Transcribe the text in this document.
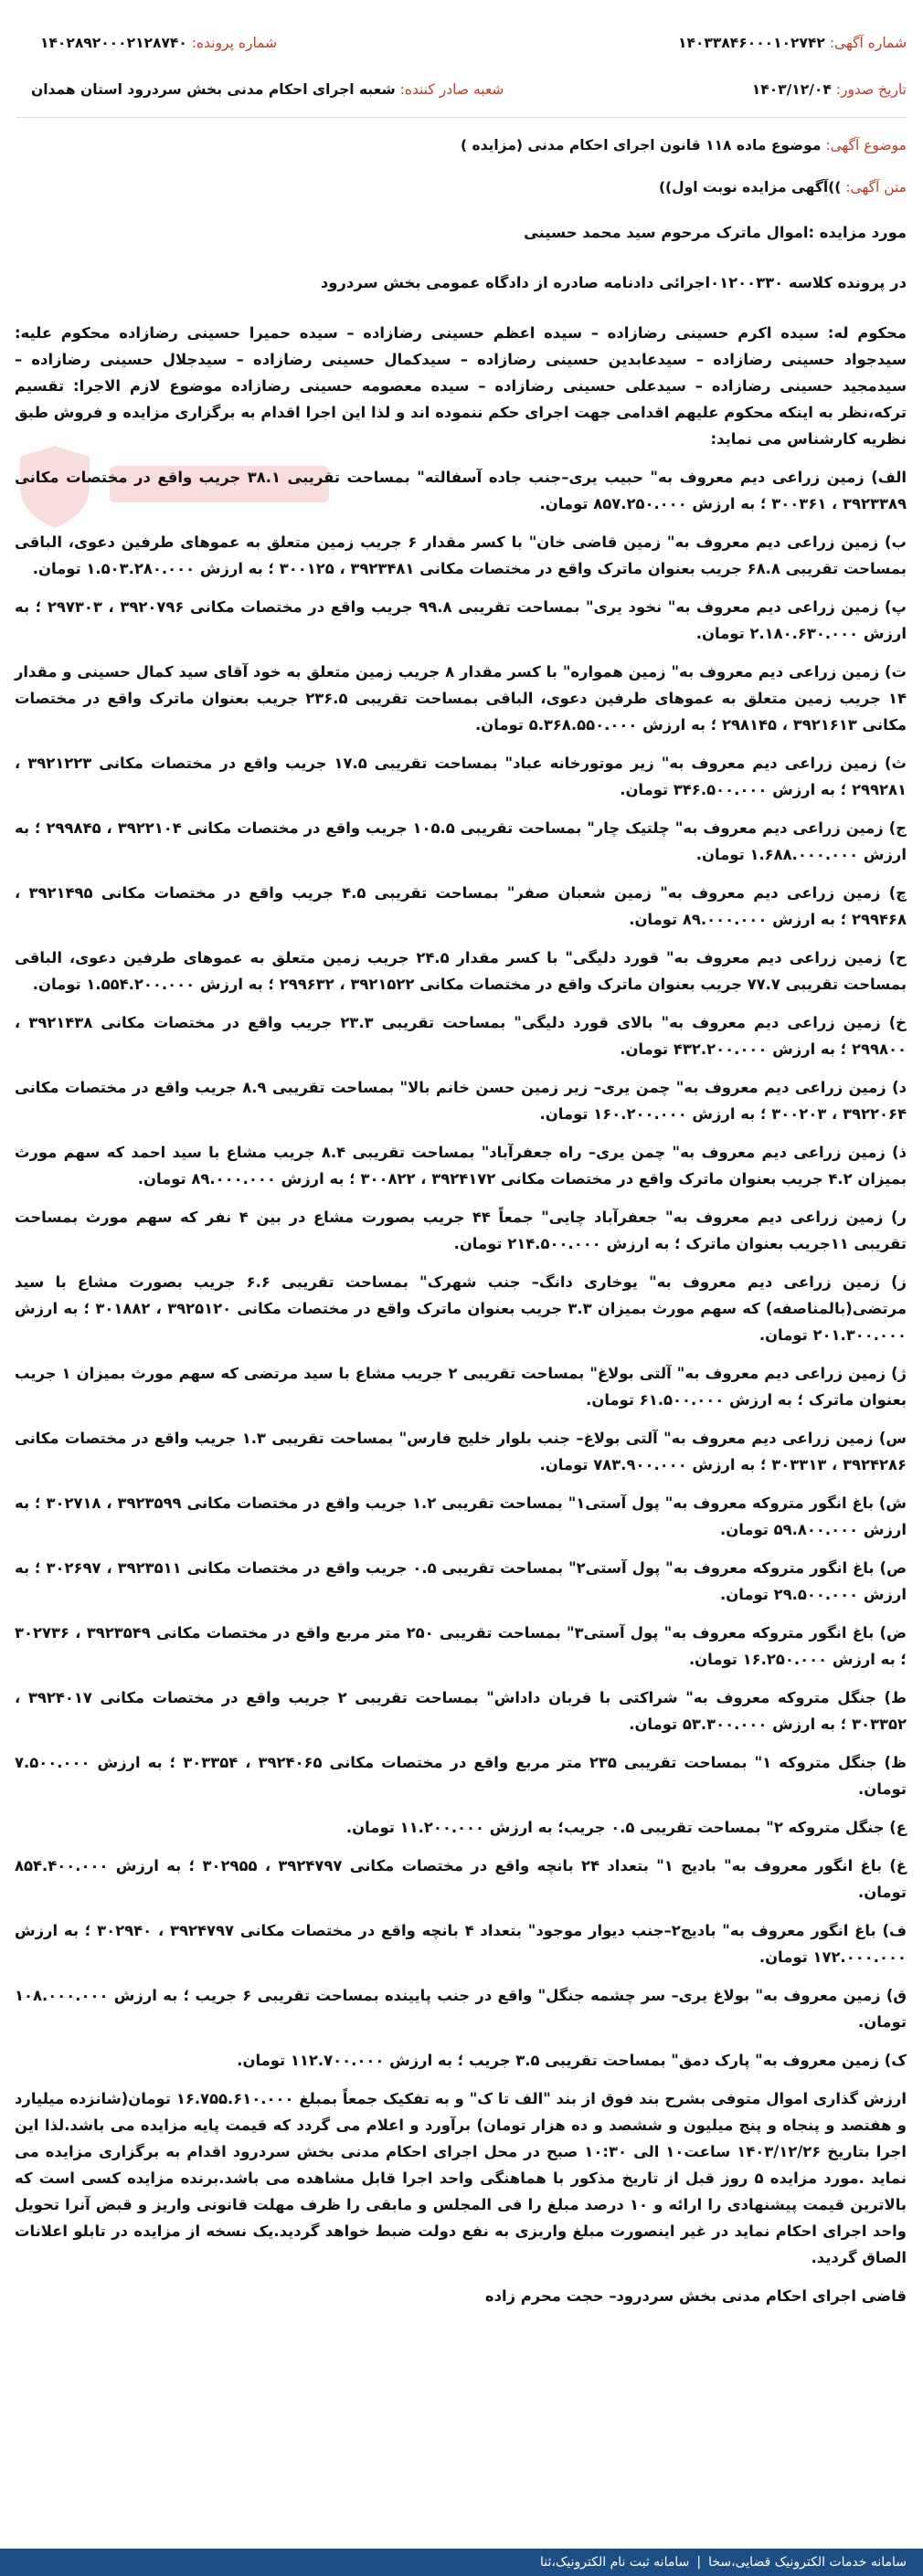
شماره آگهی: ۱۴۰۳۳۸۴۶۰۰۰۱۰۲۷۴۲
شماره پرونده: ۱۴۰۲۸۹۲۰۰۰۲۱۲۸۷۴۰
تاریخ صدور: ۱۴۰۳/۱۲/۰۴
شعبه صادر کننده: شعبه اجرای احکام مدنی بخش سردرود استان همدان
موضوع آگهی: موضوع ماده ۱۱۸ قانون اجرای احکام مدنی (مزایده )
متن آگهی: ))آگهی مزایده نوبت اول))

مورد مزایده :اموال ماترک مرحوم سید محمد حسینی

در پرونده کلاسه ۰۱۲۰۰۳۳۰اجرائی دادنامه صادره از دادگاه عمومی بخش سردرود

محکوم له: سیده اکرم حسینی رضازاده – سیده اعظم حسینی رضازاده – سیده حمیرا حسینی رضازاده محکوم علیه: سیدجواد حسینی رضازاده – سیدعابدین حسینی رضازاده – سیدکمال حسینی رضازاده – سیدجلال حسینی رضازاده – سیدمجید حسینی رضازاده – سیدعلی حسینی رضازاده – سیده معصومه حسینی رضازاده موضوع لازم الاجرا: تقسیم ترکه،نظر به اینکه محکوم علیهم اقدامی جهت اجرای حکم ننموده اند و لذا این اجرا اقدام به برگزاری مزایده و فروش طبق نظریه کارشناس می نماید:

الف) زمین زراعی دیم معروف به" حبیب یری–جنب جاده آسفالته" بمساحت تقریبی ۳۸.۱ جریب واقع در مختصات مکانی ۳۹۲۳۳۸۹ ، ۳۰۰۳۶۱ ؛ به ارزش ۸۵۷.۲۵۰.۰۰۰ تومان.

ب) زمین زراعی دیم معروف به" زمین قاضی خان" با کسر مقدار ۶ جریب زمین متعلق به عموهای طرفین دعوی، الباقی بمساحت تقریبی ۶۸.۸ جریب بعنوان ماترک واقع در مختصات مکانی ۳۹۲۳۴۸۱ ، ۳۰۰۱۲۵ ؛ به ارزش ۱.۵۰۳.۲۸۰.۰۰۰ تومان.

پ) زمین زراعی دیم معروف به" نخود یری" بمساحت تقریبی ۹۹.۸ جریب واقع در مختصات مکانی ۳۹۲۰۷۹۶ ، ۲۹۷۳۰۳ ؛ به ارزش ۲.۱۸۰.۶۳۰.۰۰۰ تومان.

ت) زمین زراعی دیم معروف به" زمین همواره" با کسر مقدار ۸ جریب زمین متعلق به خود آقای سید کمال حسینی و مقدار ۱۴ جریب زمین متعلق به عموهای طرفین دعوی، الباقی بمساحت تقریبی ۲۳۶.۵ جریب بعنوان ماترک واقع در مختصات مکانی ۳۹۲۱۶۱۳ ، ۲۹۸۱۴۵ ؛ به ارزش ۵.۳۶۸.۵۵۰.۰۰۰ تومان.

ث) زمین زراعی دیم معروف به" زیر موتورخانه عباد" بمساحت تقریبی ۱۷.۵ جریب واقع در مختصات مکانی ۳۹۲۱۲۲۳ ، ۲۹۹۲۸۱ ؛ به ارزش ۳۴۶.۵۰۰.۰۰۰ تومان.

ج) زمین زراعی دیم معروف به" چلتیک چار" بمساحت تقریبی ۱۰۵.۵ جریب واقع در مختصات مکانی ۳۹۲۲۱۰۴ ، ۲۹۹۸۴۵ ؛ به ارزش ۱.۶۸۸.۰۰۰.۰۰۰ تومان.

چ) زمین زراعی دیم معروف به" زمین شعبان صفر" بمساحت تقریبی ۴.۵ جریب واقع در مختصات مکانی ۳۹۲۱۴۹۵ ، ۲۹۹۴۶۸ ؛ به ارزش ۸۹.۰۰۰.۰۰۰ تومان.

ح) زمین زراعی دیم معروف به" قورد دلیگی" با کسر مقدار ۲۴.۵ جریب زمین متعلق به عموهای طرفین دعوی، الباقی بمساحت تقریبی ۷۷.۷ جریب بعنوان ماترک واقع در مختصات مکانی ۳۹۲۱۵۲۲ ، ۲۹۹۶۳۲ ؛ به ارزش ۱.۵۵۴.۲۰۰.۰۰۰ تومان.

خ) زمین زراعی دیم معروف به" بالای قورد دلیگی" بمساحت تقریبی ۲۳.۳ جریب واقع در مختصات مکانی ۳۹۲۱۴۳۸ ، ۲۹۹۸۰۰ ؛ به ارزش ۴۳۲.۲۰۰.۰۰۰ تومان.

د) زمین زراعی دیم معروف به" چمن یری– زیر زمین حسن خانم بالا" بمساحت تقریبی ۸.۹ جریب واقع در مختصات مکانی ۳۹۲۲۰۶۴ ، ۳۰۰۲۰۳ ؛ به ارزش ۱۶۰.۲۰۰.۰۰۰ تومان.

ذ) زمین زراعی دیم معروف به" چمن یری– راه جعفرآباد" بمساحت تقریبی ۸.۴ جریب مشاع با سید احمد که سهم مورث بمیزان ۴.۲ جریب بعنوان ماترک واقع در مختصات مکانی ۳۹۲۴۱۷۲ ، ۳۰۰۸۲۲ ؛ به ارزش ۸۹.۰۰۰.۰۰۰ تومان.

ر) زمین زراعی دیم معروف به" جعفرآباد چایی" جمعاً ۴۴ جریب بصورت مشاع در بین ۴ نفر که سهم مورث بمساحت تقریبی ۱۱جریب بعنوان ماترک ؛ به ارزش ۲۱۴.۵۰۰.۰۰۰ تومان.

ز) زمین زراعی دیم معروف به" یوخاری دانگ– جنب شهرک" بمساحت تقریبی ۶.۶ جریب بصورت مشاع با سید مرتضی(بالمناصفه) که سهم مورث بمیزان ۳.۳ جریب بعنوان ماترک واقع در مختصات مکانی ۳۹۲۵۱۲۰ ، ۳۰۱۸۸۲ ؛ به ارزش ۲۰۱.۳۰۰.۰۰۰ تومان.

ژ) زمین زراعی دیم معروف به" آلتی بولاغ" بمساحت تقریبی ۲ جریب مشاع با سید مرتضی که سهم مورث بمیزان ۱ جریب بعنوان ماترک ؛ به ارزش ۶۱.۵۰۰.۰۰۰ تومان.

س) زمین زراعی دیم معروف به" آلتی بولاغ– جنب بلوار خلیج فارس" بمساحت تقریبی ۱.۳ جریب واقع در مختصات مکانی ۳۹۲۴۲۸۶ ، ۳۰۳۳۱۳ ؛ به ارزش ۷۸۳.۹۰۰.۰۰۰ تومان.

ش) باغ انگور متروکه معروف به" پول آستی۱" بمساحت تقریبی ۱.۲ جریب واقع در مختصات مکانی ۳۹۲۳۵۹۹ ، ۳۰۲۷۱۸ ؛ به ارزش ۵۹.۸۰۰.۰۰۰ تومان.

ص) باغ انگور متروکه معروف به" پول آستی۲" بمساحت تقریبی ۰.۵ جریب واقع در مختصات مکانی ۳۹۲۳۵۱۱ ، ۳۰۲۶۹۷ ؛ به ارزش ۲۹.۵۰۰.۰۰۰ تومان.

ض) باغ انگور متروکه معروف به" پول آستی۳" بمساحت تقریبی ۲۵۰ متر مربع واقع در مختصات مکانی ۳۹۲۳۵۴۹ ، ۳۰۲۷۳۶ ؛ به ارزش ۱۶.۲۵۰.۰۰۰ تومان.

ط) جنگل متروکه معروف به" شراکتی با قربان داداش" بمساحت تقریبی ۲ جریب واقع در مختصات مکانی ۳۹۲۴۰۱۷ ، ۳۰۳۳۵۲ ؛ به ارزش ۵۳.۳۰۰.۰۰۰ تومان.

ظ) جنگل متروکه ۱" بمساحت تقریبی ۲۳۵ متر مربع واقع در مختصات مکانی ۳۹۲۴۰۶۵ ، ۳۰۳۳۵۴ ؛ به ارزش ۷.۵۰۰.۰۰۰ تومان.

ع) جنگل متروکه ۲" بمساحت تقریبی ۰.۵ جریب؛ به ارزش ۱۱.۲۰۰.۰۰۰ تومان.

غ) باغ انگور معروف به" بادیج ۱" بتعداد ۲۴ بانچه واقع در مختصات مکانی ۳۹۲۴۷۹۷ ، ۳۰۲۹۵۵ ؛ به ارزش ۸۵۴.۴۰۰.۰۰۰ تومان.

ف) باغ انگور معروف به" بادیج۲–جنب دیوار موجود" بتعداد ۴ بانچه واقع در مختصات مکانی ۳۹۲۴۷۹۷ ، ۳۰۲۹۴۰ ؛ به ارزش ۱۷۲.۰۰۰.۰۰۰ تومان.

ق) زمین معروف به" بولاغ یری– سر چشمه جنگل" واقع در جنب پایینده بمساحت تقریبی ۶ جریب ؛ به ارزش ۱۰۸.۰۰۰.۰۰۰ تومان.

ک) زمین معروف به" پارک دمق" بمساحت تقریبی ۳.۵ جریب ؛ به ارزش ۱۱۲.۷۰۰.۰۰۰ تومان.

ارزش گذاری اموال متوفی بشرح بند فوق از بند "الف تا ک" و به تفکیک جمعاً بمبلغ ۱۶.۷۵۵.۶۱۰.۰۰۰ تومان(شانزده میلیارد و هفتصد و پنجاه و پنج میلیون و ششصد و ده هزار تومان) برآورد و اعلام می گردد که قیمت پایه مزایده می باشد.لذا این اجرا بتاریخ ۱۴۰۳/۱۲/۲۶ ساعت۱۰ الی ۱۰:۳۰ صبح در محل اجرای احکام مدنی بخش سردرود اقدام به برگزاری مزایده می نماید .مورد مزایده ۵ روز قبل از تاریخ مذکور با هماهنگی واحد اجرا قابل مشاهده می باشد.برنده مزایده کسی است که بالاترین قیمت پیشنهادی را ارائه و ۱۰ درصد مبلغ را فی المجلس و مابقی را ظرف مهلت قانونی واریز و قبض آنرا تحویل واحد اجرای احکام نماید در غیر اینصورت مبلغ واریزی به نفع دولت ضبط خواهد گردید.یک نسخه از مزایده در تابلو اعلانات الصاق گردید.

قاضی اجرای احکام مدنی بخش سردرود– حجت محرم زاده

سامانه خدمات الکترونیک قضایی،سخا
|
سامانه ثبت نام الکترونیک،ثنا
